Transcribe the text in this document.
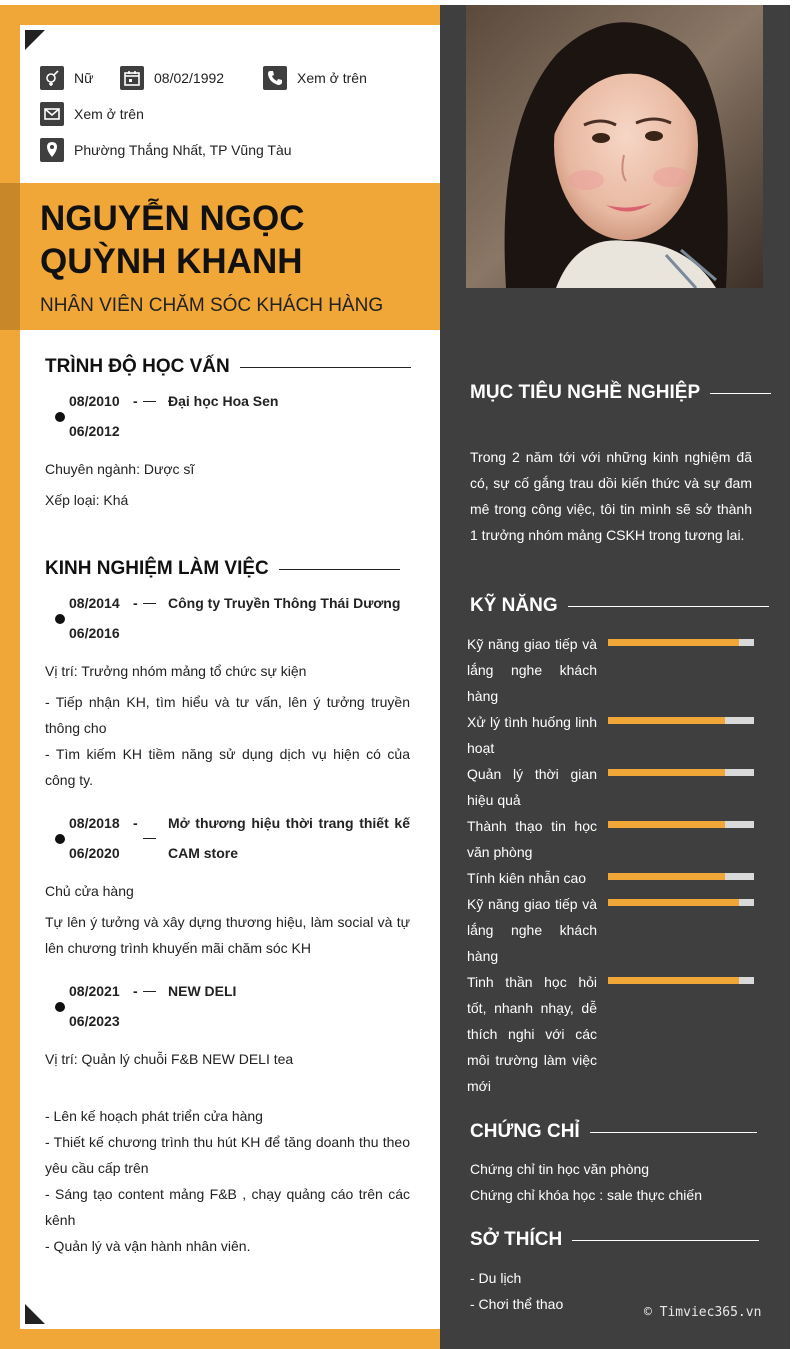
Nữ	08/02/1992	Xem ở trên
Xem ở trên
Phường Thắng Nhất, TP Vũng Tàu
NGUYỄN NGỌC QUỲNH KHANH
NHÂN VIÊN CHĂM SÓC KHÁCH HÀNG
TRÌNH ĐỘ HỌC VẤN
08/2010
06/2012
- Đại học Hoa Sen
Chuyên ngành: Dược sĩ
Xếp loại: Khá
KINH NGHIỆM LÀM VIỆC
08/2014
06/2016
- Công ty Truyền Thông Thái Dương
Vị trí: Trưởng nhóm mảng tổ chức sự kiện
- Tiếp nhận KH, tìm hiểu và tư vấn, lên ý tưởng truyền thông cho
- Tìm kiếm KH tiềm năng sử dụng dịch vụ hiện có của công ty.
08/2018
06/2020
- Mở thương hiệu thời trang thiết kế CAM store
Chủ cửa hàng
Tự lên ý tưởng và xây dựng thương hiệu, làm social và tự lên chương trình khuyến mãi chăm sóc KH
08/2021
06/2023
- NEW DELI
Vị trí: Quản lý chuỗi F&B NEW DELI tea
- Lên kế hoạch phát triển cửa hàng
- Thiết kế chương trình thu hút KH để tăng doanh thu theo yêu cầu cấp trên
- Sáng tạo content mảng F&B , chạy quảng cáo trên các kênh
- Quản lý và vận hành nhân viên.
MỤC TIÊU NGHỀ NGHIỆP
Trong 2 năm tới với những kinh nghiệm đã có, sự cố gắng trau dồi kiến thức và sự đam mê trong công việc, tôi tin mình sẽ sở thành 1 trưởng nhóm mảng CSKH trong tương lai.
KỸ NĂNG
Kỹ năng giao tiếp và lắng nghe khách hàng
Xử lý tình huống linh hoạt
Quản lý thời gian hiệu quả
Thành thạo tin học văn phòng
Tính kiên nhẫn cao
Kỹ năng giao tiếp và lắng nghe khách hàng
Tinh thần học hỏi tốt, nhanh nhạy, dễ thích nghi với các môi trường làm việc mới
CHỨNG CHỈ
Chứng chỉ tin học văn phòng
Chứng chỉ khóa học : sale thực chiến
SỞ THÍCH
- Du lịch
- Chơi thể thao
© Timviec365.vn
